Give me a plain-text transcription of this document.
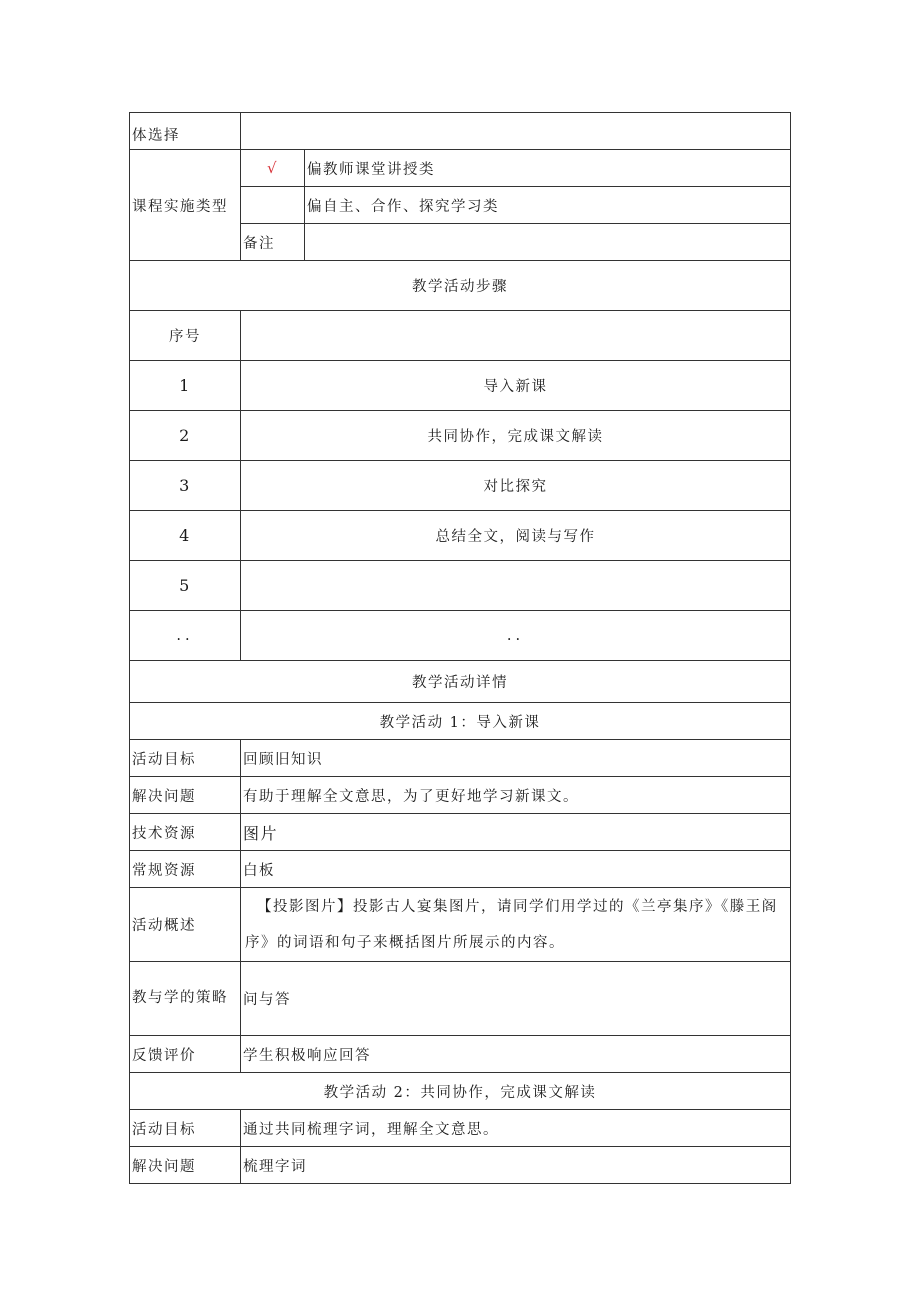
体选择		
课程实施类型	√	偏教师课堂讲授类
		偏自主、合作、探究学习类
	备注	
教学活动步骤		
序号		
1	导入新课	
2	共同协作，完成课文解读	
3	对比探究	
4	总结全文，阅读与写作	
5		
..	..	
教学活动详情		
教学活动 1：导入新课		
活动目标	回顾旧知识	
解决问题	有助于理解全文意思，为了更好地学习新课文。	
技术资源	图片	
常规资源	白板	
活动概述	【投影图片】投影古人宴集图片，请同学们用学过的《兰亭集序》《滕王阁序》的词语和句子来概括图片所展示的内容。	
教与学的策略	问与答	
反馈评价	学生积极响应回答	
教学活动 2：共同协作，完成课文解读		
活动目标	通过共同梳理字词，理解全文意思。	
解决问题	梳理字词	
